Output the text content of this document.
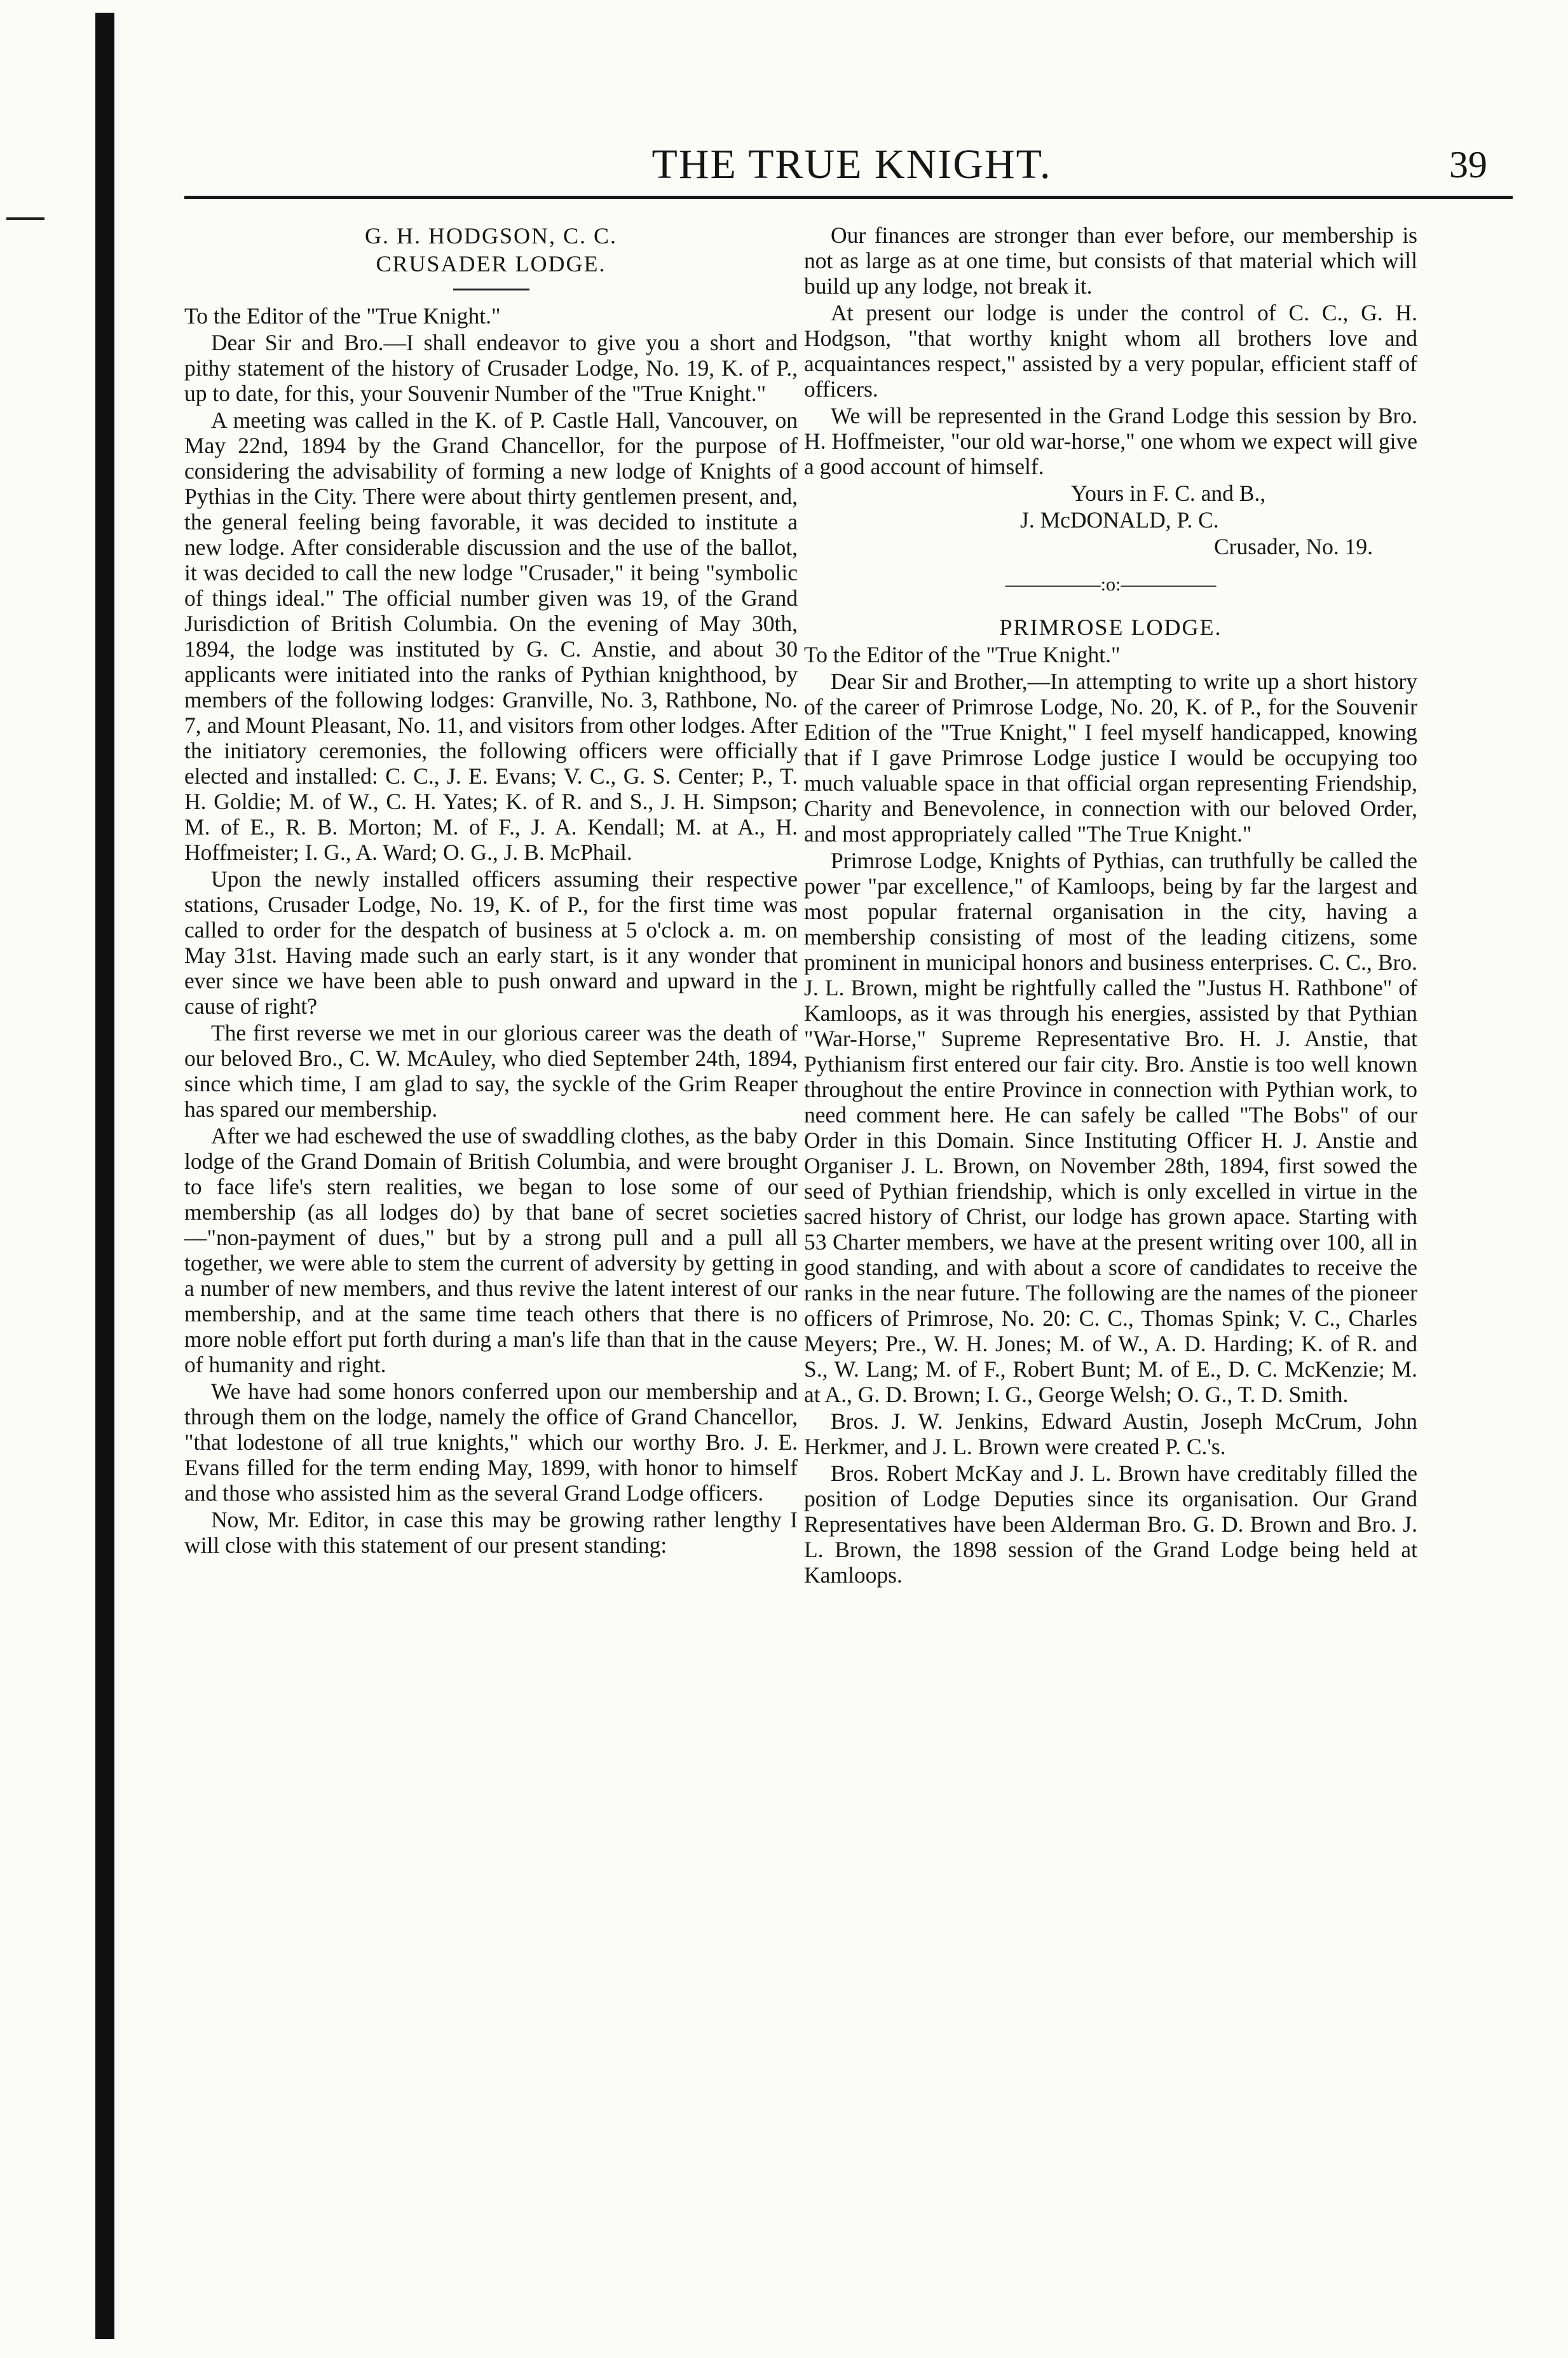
THE TRUE KNIGHT.	39

G. H. HODGSON, C. C.

CRUSADER LODGE.

To the Editor of the "True Knight."

Dear Sir and Bro.—I shall endeavor to give you a short and pithy statement of the history of Crusader Lodge, No. 19, K. of P., up to date, for this, your Souvenir Number of the "True Knight."

A meeting was called in the K. of P. Castle Hall, Vancouver, on May 22nd, 1894 by the Grand Chancellor, for the purpose of considering the advisability of forming a new lodge of Knights of Pythias in the City. There were about thirty gentlemen present, and, the general feeling being favorable, it was decided to institute a new lodge. After considerable discussion and the use of the ballot, it was decided to call the new lodge "Crusader," it being "symbolic of things ideal." The official number given was 19, of the Grand Jurisdiction of British Columbia. On the evening of May 30th, 1894, the lodge was instituted by G. C. Anstie, and about 30 applicants were initiated into the ranks of Pythian knighthood, by members of the following lodges: Granville, No. 3, Rathbone, No. 7, and Mount Pleasant, No. 11, and visitors from other lodges. After the initiatory ceremonies, the following officers were officially elected and installed: C. C., J. E. Evans; V. C., G. S. Center; P., T. H. Goldie; M. of W., C. H. Yates; K. of R. and S., J. H. Simpson; M. of E., R. B. Morton; M. of F., J. A. Kendall; M. at A., H. Hoffmeister; I. G., A. Ward; O. G., J. B. McPhail.

Upon the newly installed officers assuming their respective stations, Crusader Lodge, No. 19, K. of P., for the first time was called to order for the despatch of business at 5 o'clock a. m. on May 31st. Having made such an early start, is it any wonder that ever since we have been able to push onward and upward in the cause of right?

The first reverse we met in our glorious career was the death of our beloved Bro., C. W. McAuley, who died September 24th, 1894, since which time, I am glad to say, the syckle of the Grim Reaper has spared our membership.

After we had eschewed the use of swaddling clothes, as the baby lodge of the Grand Domain of British Columbia, and were brought to face life's stern realities, we began to lose some of our membership (as all lodges do) by that bane of secret societies—"non-payment of dues," but by a strong pull and a pull all together, we were able to stem the current of adversity by getting in a number of new members, and thus revive the latent interest of our membership, and at the same time teach others that there is no more noble effort put forth during a man's life than that in the cause of humanity and right.

We have had some honors conferred upon our membership and through them on the lodge, namely the office of Grand Chancellor, "that lodestone of all true knights," which our worthy Bro. J. E. Evans filled for the term ending May, 1899, with honor to himself and those who assisted him as the several Grand Lodge officers.

Now, Mr. Editor, in case this may be growing rather lengthy I will close with this statement of our present standing:

Our finances are stronger than ever before, our membership is not as large as at one time, but consists of that material which will build up any lodge, not break it.

At present our lodge is under the control of C. C., G. H. Hodgson, "that worthy knight whom all brothers love and acquaintances respect," assisted by a very popular, efficient staff of officers.

We will be represented in the Grand Lodge this session by Bro. H. Hoffmeister, "our old war-horse," one whom we expect will give a good account of himself.

Yours in F. C. and B.,

J. McDONALD, P. C.

Crusader, No. 19.

—————:o:—————

PRIMROSE LODGE.

To the Editor of the "True Knight."

Dear Sir and Brother,—In attempting to write up a short history of the career of Primrose Lodge, No. 20, K. of P., for the Souvenir Edition of the "True Knight," I feel myself handicapped, knowing that if I gave Primrose Lodge justice I would be occupying too much valuable space in that official organ representing Friendship, Charity and Benevolence, in connection with our beloved Order, and most appropriately called "The True Knight."

Primrose Lodge, Knights of Pythias, can truthfully be called the power "par excellence," of Kamloops, being by far the largest and most popular fraternal organisation in the city, having a membership consisting of most of the leading citizens, some prominent in municipal honors and business enterprises. C. C., Bro. J. L. Brown, might be rightfully called the "Justus H. Rathbone" of Kamloops, as it was through his energies, assisted by that Pythian "War-Horse," Supreme Representative Bro. H. J. Anstie, that Pythianism first entered our fair city. Bro. Anstie is too well known throughout the entire Province in connection with Pythian work, to need comment here. He can safely be called "The Bobs" of our Order in this Domain. Since Instituting Officer H. J. Anstie and Organiser J. L. Brown, on November 28th, 1894, first sowed the seed of Pythian friendship, which is only excelled in virtue in the sacred history of Christ, our lodge has grown apace. Starting with 53 Charter members, we have at the present writing over 100, all in good standing, and with about a score of candidates to receive the ranks in the near future. The following are the names of the pioneer officers of Primrose, No. 20: C. C., Thomas Spink; V. C., Charles Meyers; Pre., W. H. Jones; M. of W., A. D. Harding; K. of R. and S., W. Lang; M. of F., Robert Bunt; M. of E., D. C. McKenzie; M. at A., G. D. Brown; I. G., George Welsh; O. G., T. D. Smith.

Bros. J. W. Jenkins, Edward Austin, Joseph McCrum, John Herkmer, and J. L. Brown were created P. C.'s.

Bros. Robert McKay and J. L. Brown have creditably filled the position of Lodge Deputies since its organisation. Our Grand Representatives have been Alderman Bro. G. D. Brown and Bro. J. L. Brown, the 1898 session of the Grand Lodge being held at Kamloops.
